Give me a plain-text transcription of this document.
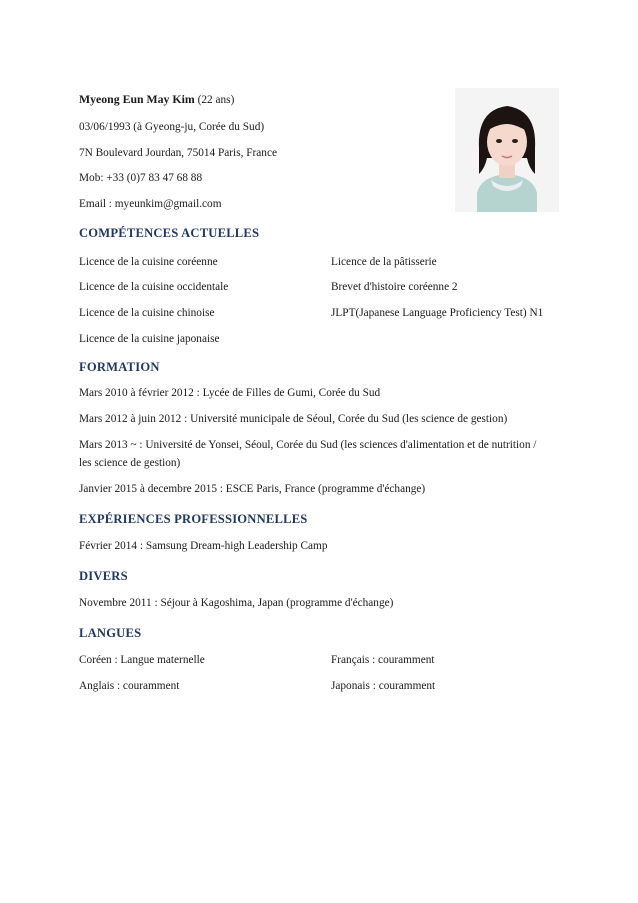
Myeong Eun May Kim (22 ans)
03/06/1993 (à Gyeong-ju, Corée du Sud)
7N Boulevard Jourdan, 75014 Paris, France
Mob: +33 (0)7 83 47 68 88
Email : myeunkim@gmail.com
COMPÉTENCES ACTUELLES
Licence de la cuisine coréenne	Licence de la pâtisserie
Licence de la cuisine occidentale	Brevet d'histoire coréenne 2
Licence de la cuisine chinoise	JLPT(Japanese Language Proficiency Test) N1
Licence de la cuisine japonaise
FORMATION
Mars 2010 à février 2012 : Lycée de Filles de Gumi, Corée du Sud
Mars 2012 à juin 2012 : Université municipale de Séoul, Corée du Sud (les science de gestion)
Mars 2013 ~ : Université de Yonsei, Séoul, Corée du Sud (les sciences d'alimentation et de nutrition /
les science de gestion)
Janvier 2015 à decembre 2015 : ESCE Paris, France (programme d'échange)
EXPÉRIENCES PROFESSIONNELLES
Février 2014 : Samsung Dream-high Leadership Camp
DIVERS
Novembre 2011 : Séjour à Kagoshima, Japan (programme d'échange)
LANGUES
Coréen : Langue maternelle	Français : couramment
Anglais : couramment	Japonais : couramment
